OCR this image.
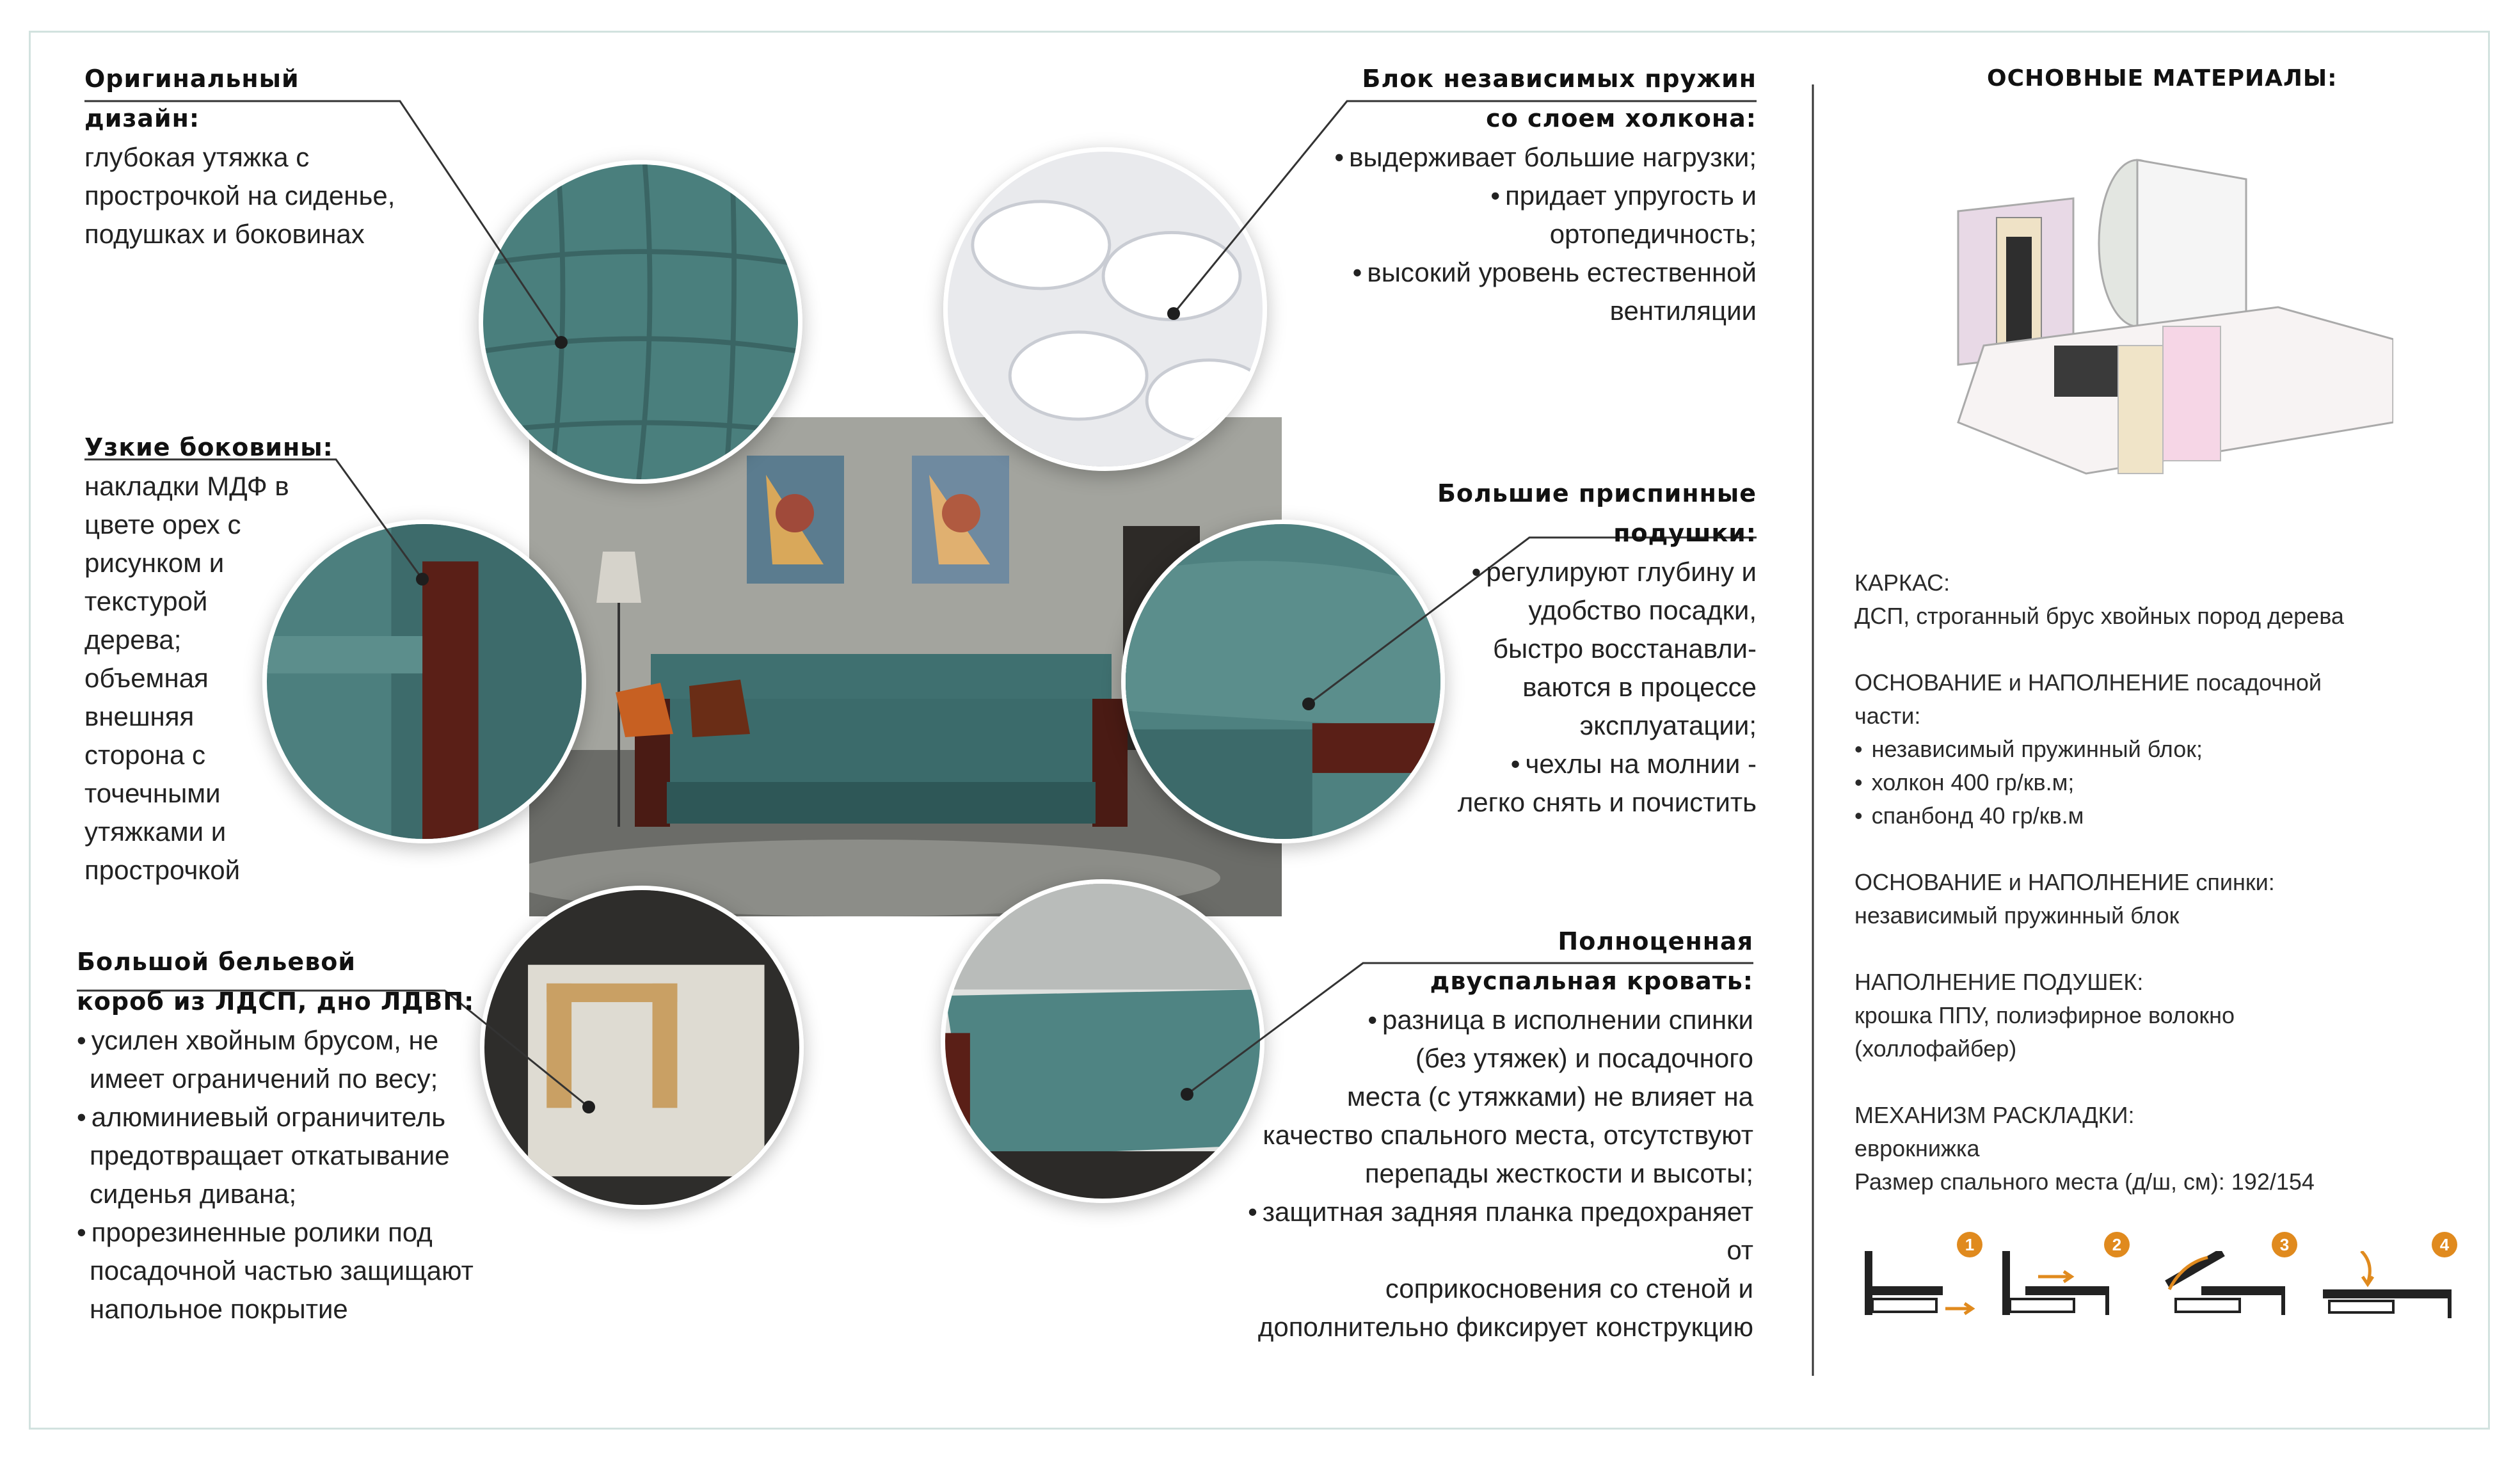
Оригинальный
дизайн:
глубокая утяжка с
прострочкой на сиденье,
подушках и боковинах
Узкие боковины:
накладки МДФ в
цвете орех с
рисунком и
текстурой
дерева;
объемная
внешняя
сторона с
точечными
утяжками и
прострочкой
Большой бельевой
короб из ЛДСП, дно ЛДВП:
• усилен хвойным брусом, не
имеет ограничений по весу;
• алюминиевый ограничитель
предотвращает откатывание
сиденья дивана;
• прорезиненные ролики под
посадочной частью защищают
напольное покрытие
Блок независимых пружин
со слоем холкона:
• выдерживает большие нагрузки;
• придает упругость и
ортопедичность;
• высокий уровень естественной
вентиляции
Большие приспинные
подушки:
• регулируют глубину и
удобство посадки,
быстро восстанавли-
ваются в процессе
эксплуатации;
• чехлы на молнии -
легко снять и почистить
Полноценная
двуспальная кровать:
• разница в исполнении спинки
(без утяжек) и посадочного
места (с утяжками) не влияет на
качество спального места, отсутствуют
перепады жесткости и высоты;
• защитная задняя планка предохраняет от
соприкосновения со стеной и
дополнительно фиксирует конструкцию
ОСНОВНЫЕ МАТЕРИАЛЫ:
КАРКАС:
ДСП, строганный брус хвойных пород дерева
ОСНОВАНИЕ и НАПОЛНЕНИЕ посадочной
части:
• независимый пружинный блок;
• холкон 400 гр/кв.м;
• спанбонд 40 гр/кв.м
ОСНОВАНИЕ и НАПОЛНЕНИЕ спинки:
независимый пружинный блок
НАПОЛНЕНИЕ ПОДУШЕК:
крошка ППУ, полиэфирное волокно
(холлофайбер)
МЕХАНИЗМ РАСКЛАДКИ:
еврокнижка
Размер спального места (д/ш, см): 192/154
1	2	3	4
